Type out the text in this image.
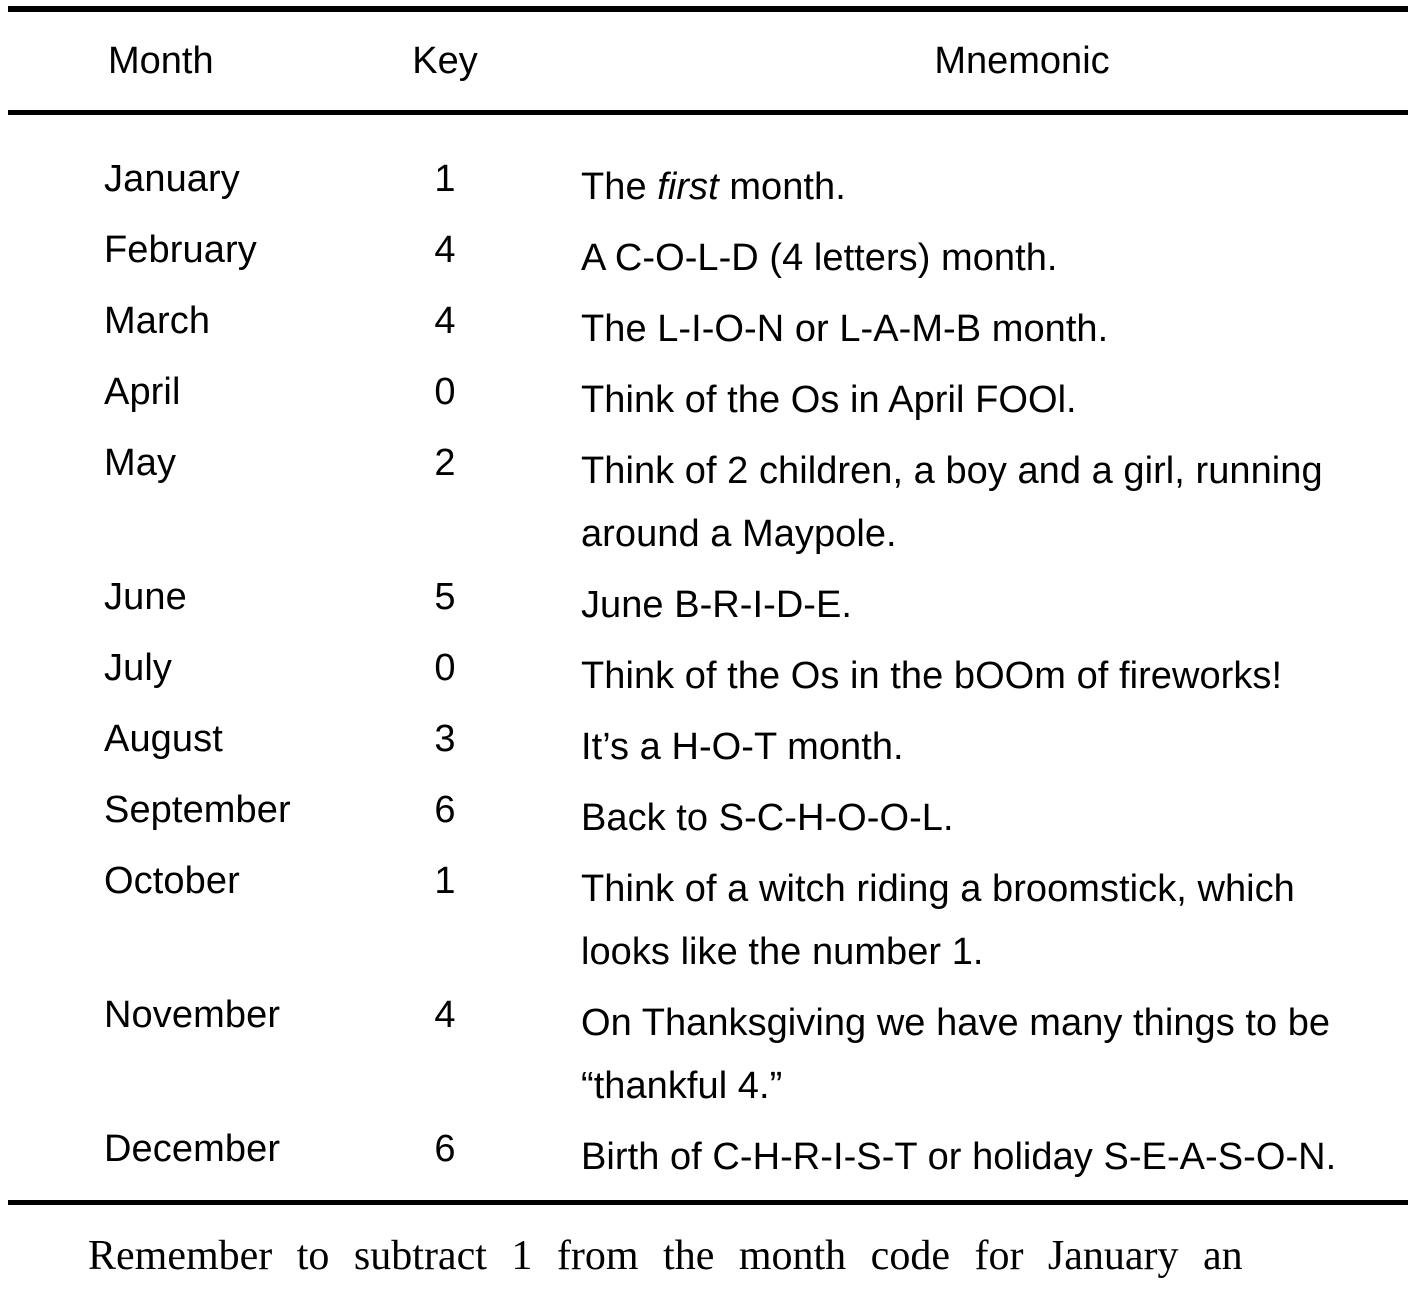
Month	Key	Mnemonic
January	1	The first month.
February	4	A C-O-L-D (4 letters) month.
March	4	The L-I-O-N or L-A-M-B month.
April	0	Think of the Os in April FOOl.
May	2	Think of 2 children, a boy and a girl, running around a Maypole.
June	5	June B-R-I-D-E.
July	0	Think of the Os in the bOOm of fireworks!
August	3	It’s a H-O-T month.
September	6	Back to S-C-H-O-O-L.
October	1	Think of a witch riding a broomstick, which looks like the number 1.
November	4	On Thanksgiving we have many things to be “thankful 4.”
December	6	Birth of C-H-R-I-S-T or holiday S-E-A-S-O-N.
Remember to subtract 1 from the month code for January an
